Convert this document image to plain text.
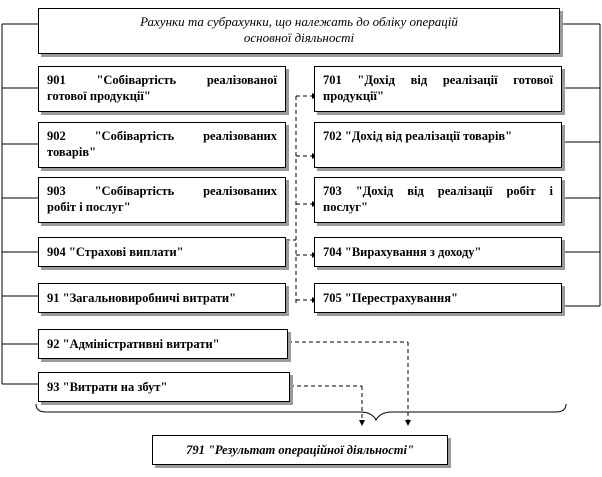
Рахунки та субрахунки, що належать до обліку операцій
основної діяльності
901 "Собівартість реалізованої
готової продукції"
902 "Собівартість реалізованих
товарів"
903 "Собівартість реалізованих
робіт і послуг"
904 "Страхові виплати"
91 "Загальновиробничі витрати"
92 "Адміністративні витрати"
93 "Витрати на збут"
701 "Дохід від реалізації готової
продукції"
702 "Дохід від реалізації товарів"
703 "Дохід від реалізації робіт і
послуг"
704 "Вирахування з доходу"
705 "Перестрахування"
791 "Результат операційної діяльності"
